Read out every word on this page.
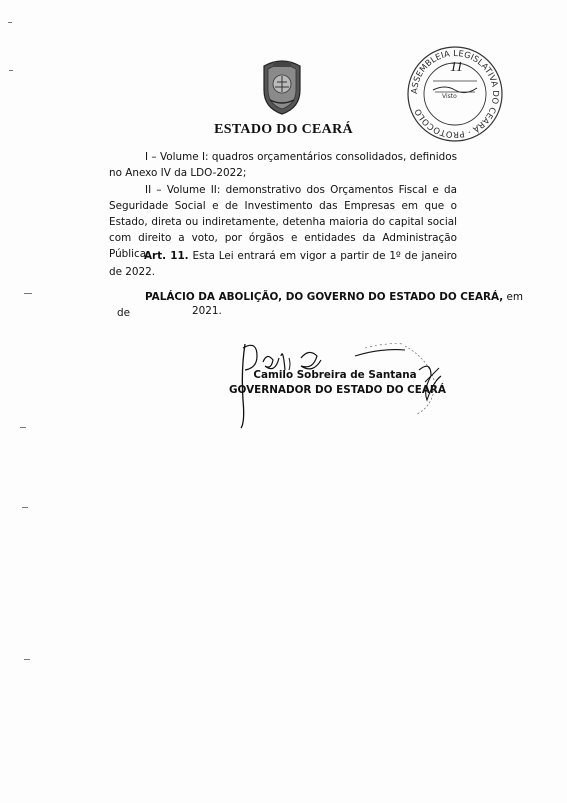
ASSEMBLEIA LEGISLATIVA DO CEARÁ · PROTOCOLO
11
Visto
ESTADO DO CEARÁ
I – Volume I: quadros orçamentários consolidados, definidos no Anexo IV da LDO-2022;
II – Volume II: demonstrativo dos Orçamentos Fiscal e da Seguridade Social e de Investimento das Empresas em que o Estado, direta ou indiretamente, detenha maioria do capital social com direito a voto, por órgãos e entidades da Administração Pública.
Art. 11. Esta Lei entrará em vigor a partir de 1º de janeiro de 2022.
PALÁCIO DA ABOLIÇÃO, DO GOVERNO DO ESTADO DO CEARÁ, em
de	2021.
Camilo Sobreira de Santana
GOVERNADOR DO ESTADO DO CEARÁ
